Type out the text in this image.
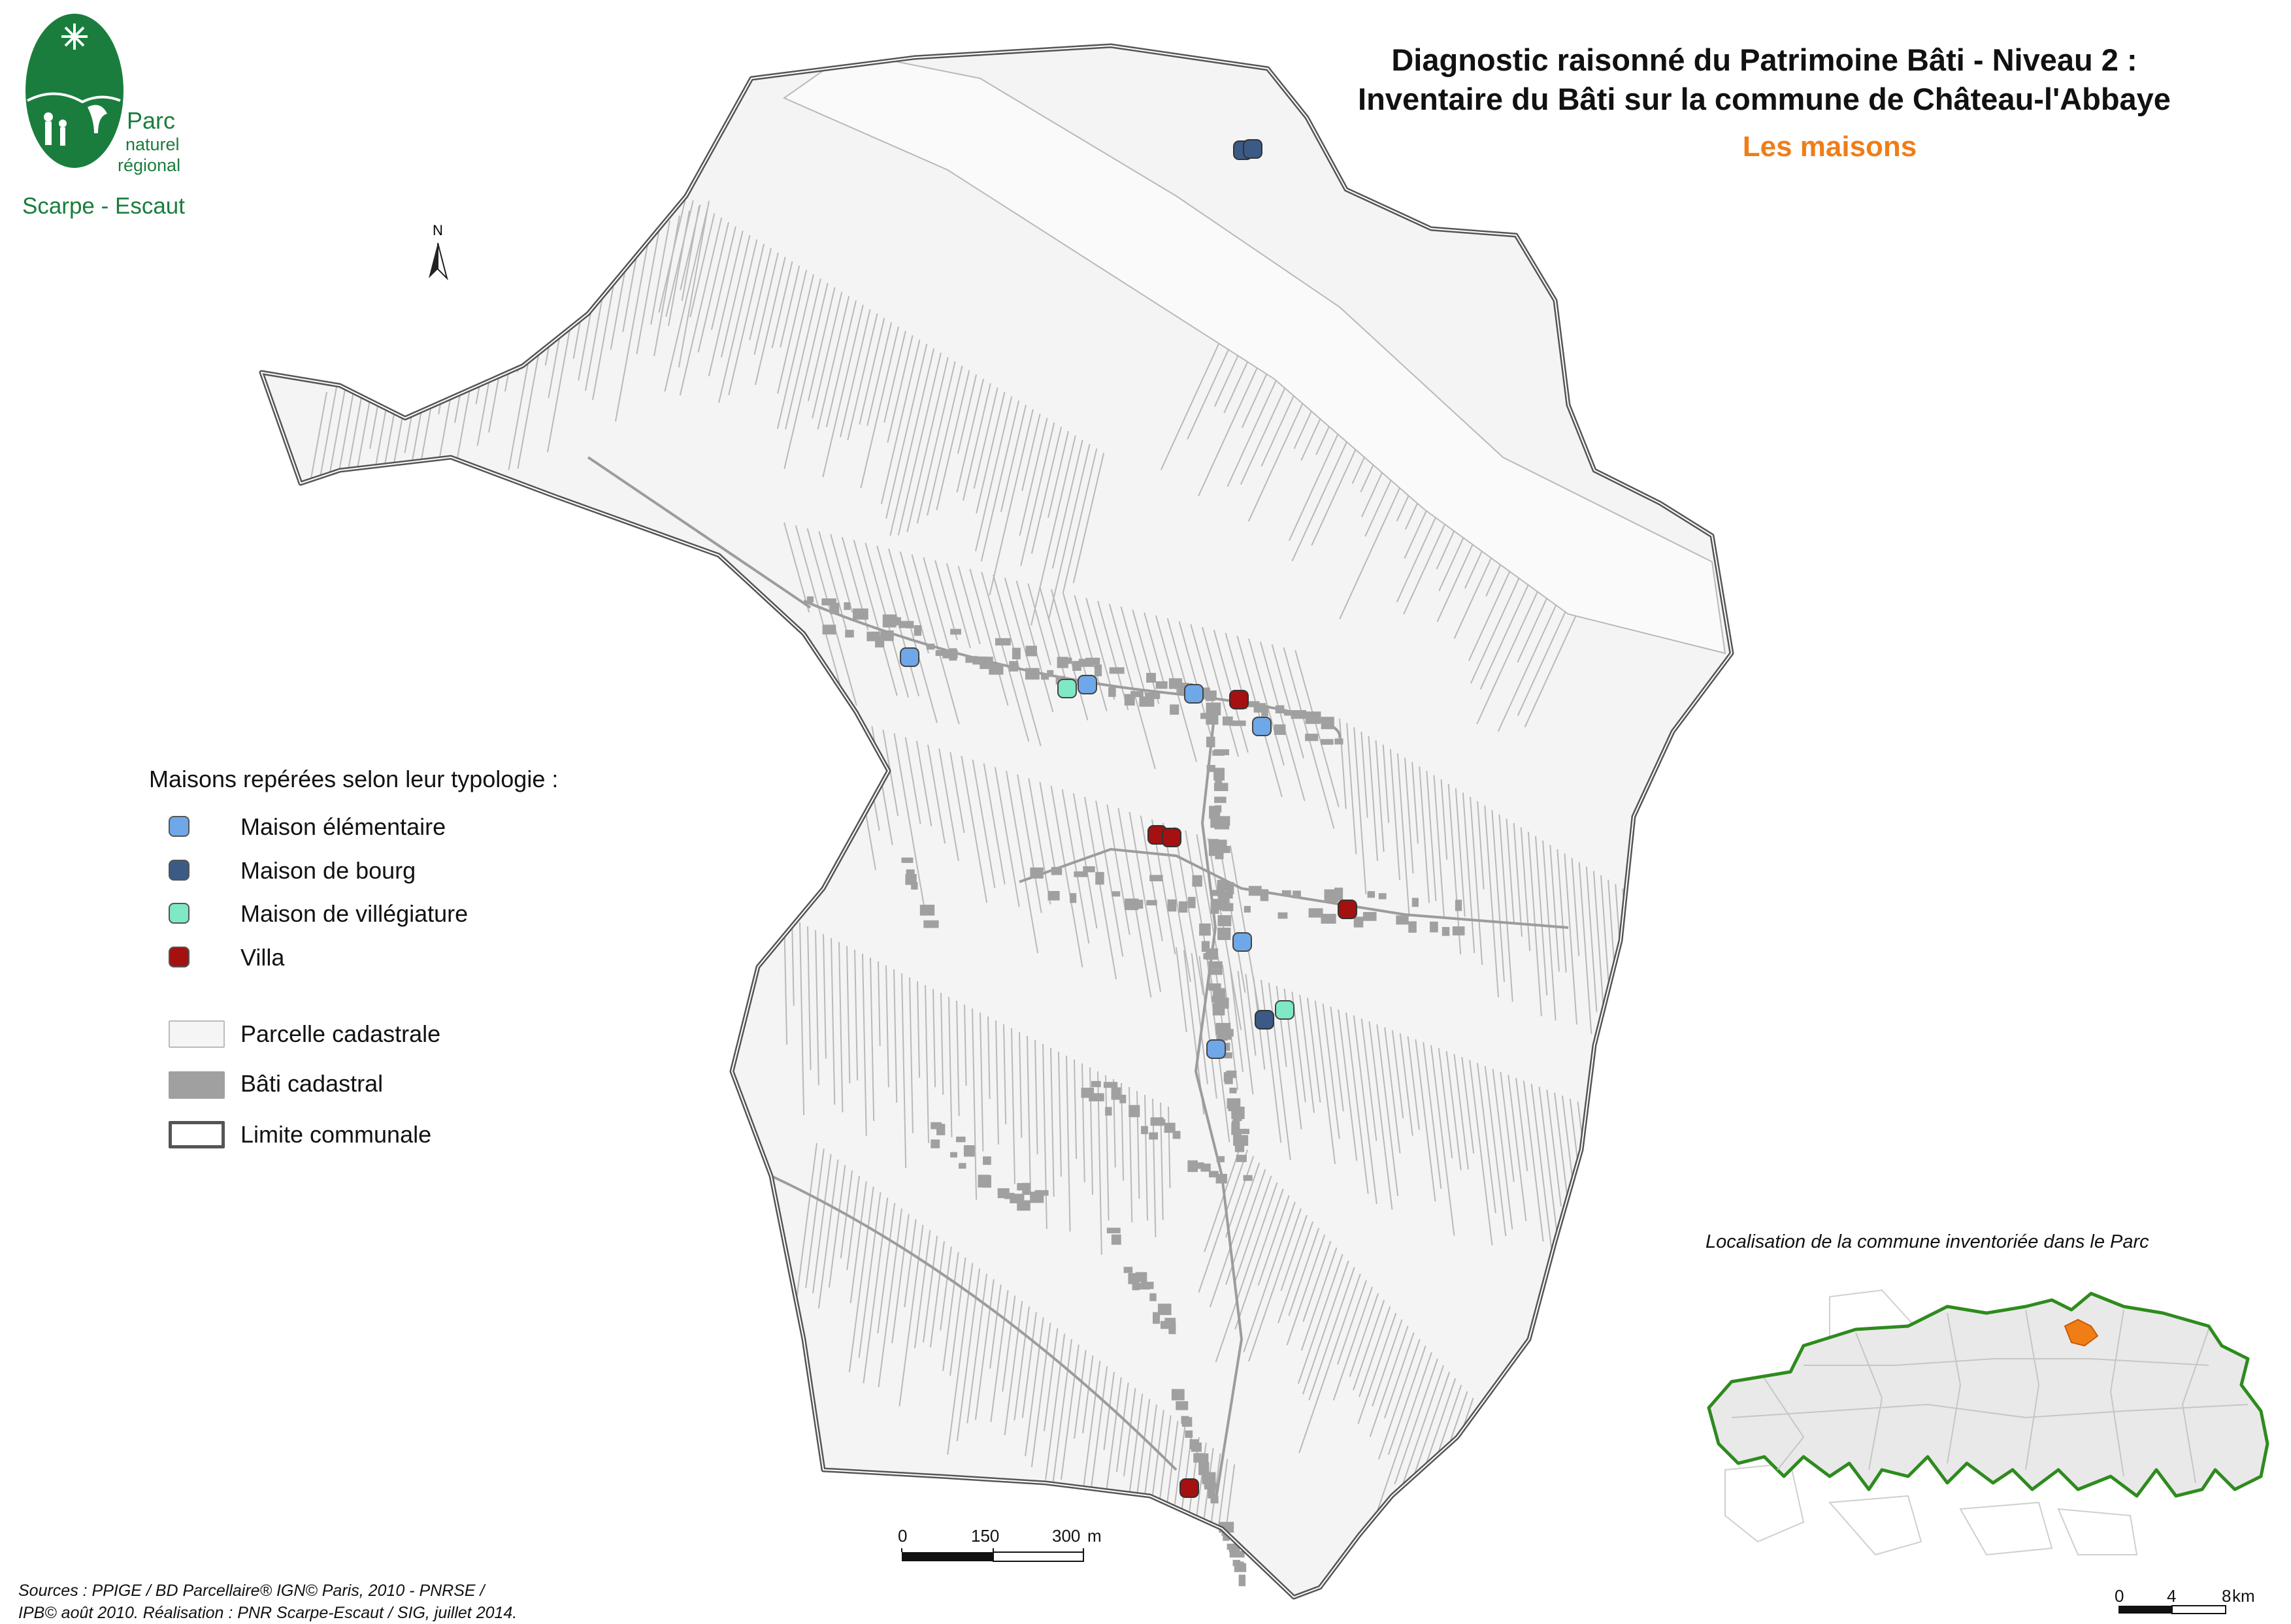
Parc
naturel
régional
Scarpe - Escaut
Diagnostic raisonné du Patrimoine Bâti - Niveau 2 :
Inventaire du Bâti sur la commune de Château-l'Abbaye
Les maisons
N
Maisons repérées selon leur typologie :
Maison élémentaire
Maison de bourg
Maison de villégiature
Villa
Parcelle cadastrale
Bâti cadastral
Limite communale
0	150	300 m
Sources : PPIGE / BD Parcellaire® IGN© Paris, 2010 - PNRSE /
IPB© août 2010. Réalisation : PNR Scarpe-Escaut / SIG, juillet 2014.
Localisation de la commune inventoriée dans le Parc
0	4	8 km
